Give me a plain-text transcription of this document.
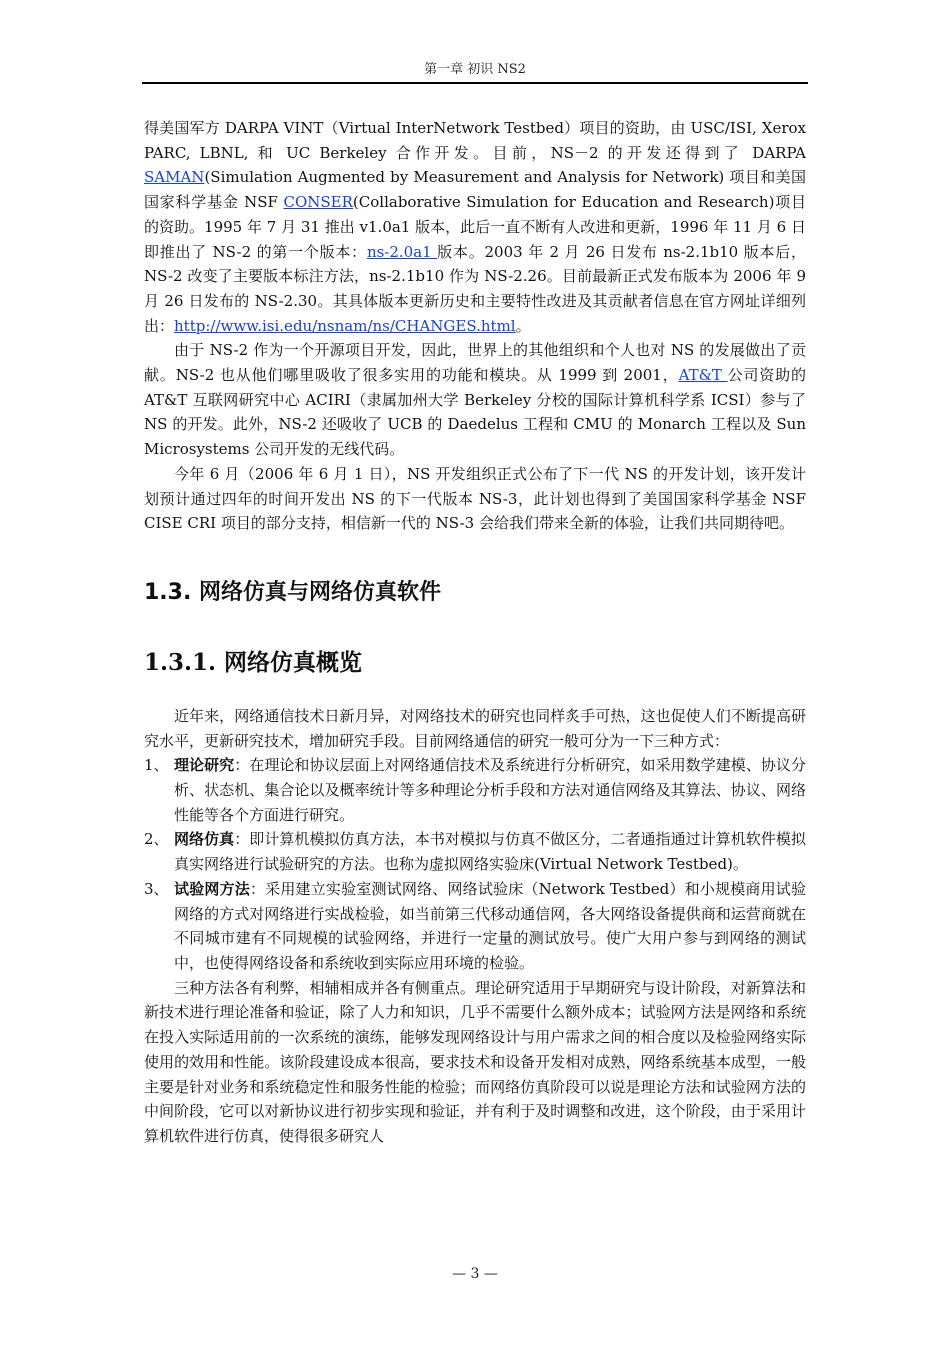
第一章 初识 NS2

得美国军方 DARPA VINT（Virtual InterNetwork Testbed）项目的资助，由 USC/ISI, Xerox PARC, LBNL, 和 UC Berkeley 合作开发。目前，NS－2 的开发还得到了 DARPA SAMAN(Simulation Augmented by Measurement and Analysis for Network) 项目和美国国家科学基金 NSF CONSER(Collaborative Simulation for Education and Research)项目的资助。1995 年 7 月 31 推出 v1.0a1 版本，此后一直不断有人改进和更新，1996 年 11 月 6 日即推出了 NS-2 的第一个版本：ns-2.0a1 版本。2003 年 2 月 26 日发布 ns-2.1b10 版本后，NS-2 改变了主要版本标注方法，ns-2.1b10 作为 NS-2.26。目前最新正式发布版本为 2006 年 9 月 26 日发布的 NS-2.30。其具体版本更新历史和主要特性改进及其贡献者信息在官方网址详细列出：http://www.isi.edu/nsnam/ns/CHANGES.html。

由于 NS-2 作为一个开源项目开发，因此，世界上的其他组织和个人也对 NS 的发展做出了贡献。NS-2 也从他们哪里吸收了很多实用的功能和模块。从 1999 到 2001，AT&T 公司资助的 AT&T 互联网研究中心 ACIRI（隶属加州大学 Berkeley 分校的国际计算机科学系 ICSI）参与了 NS 的开发。此外，NS-2 还吸收了 UCB 的 Daedelus 工程和 CMU 的 Monarch 工程以及 Sun Microsystems 公司开发的无线代码。

今年 6 月（2006 年 6 月 1 日），NS 开发组织正式公布了下一代 NS 的开发计划，该开发计划预计通过四年的时间开发出 NS 的下一代版本 NS-3，此计划也得到了美国国家科学基金 NSF CISE CRI 项目的部分支持，相信新一代的 NS-3 会给我们带来全新的体验，让我们共同期待吧。

1.3. 网络仿真与网络仿真软件
1.3.1. 网络仿真概览

近年来，网络通信技术日新月异，对网络技术的研究也同样炙手可热，这也促使人们不断提高研究水平，更新研究技术，增加研究手段。目前网络通信的研究一般可分为一下三种方式：

1、 理论研究：在理论和协议层面上对网络通信技术及系统进行分析研究，如采用数学建模、协议分析、状态机、集合论以及概率统计等多种理论分析手段和方法对通信网络及其算法、协议、网络性能等各个方面进行研究。
2、 网络仿真：即计算机模拟仿真方法，本书对模拟与仿真不做区分，二者通指通过计算机软件模拟真实网络进行试验研究的方法。也称为虚拟网络实验床(Virtual Network Testbed)。
3、 试验网方法：采用建立实验室测试网络、网络试验床（Network Testbed）和小规模商用试验网络的方式对网络进行实战检验，如当前第三代移动通信网，各大网络设备提供商和运营商就在不同城市建有不同规模的试验网络，并进行一定量的测试放号。使广大用户参与到网络的测试中，也使得网络设备和系统收到实际应用环境的检验。

三种方法各有利弊，相辅相成并各有侧重点。理论研究适用于早期研究与设计阶段，对新算法和新技术进行理论准备和验证，除了人力和知识，几乎不需要什么额外成本；试验网方法是网络和系统在投入实际适用前的一次系统的演练，能够发现网络设计与用户需求之间的相合度以及检验网络实际使用的效用和性能。该阶段建设成本很高，要求技术和设备开发相对成熟，网络系统基本成型，一般主要是针对业务和系统稳定性和服务性能的检验；而网络仿真阶段可以说是理论方法和试验网方法的中间阶段，它可以对新协议进行初步实现和验证，并有利于及时调整和改进，这个阶段，由于采用计算机软件进行仿真，使得很多研究人

— 3 —
